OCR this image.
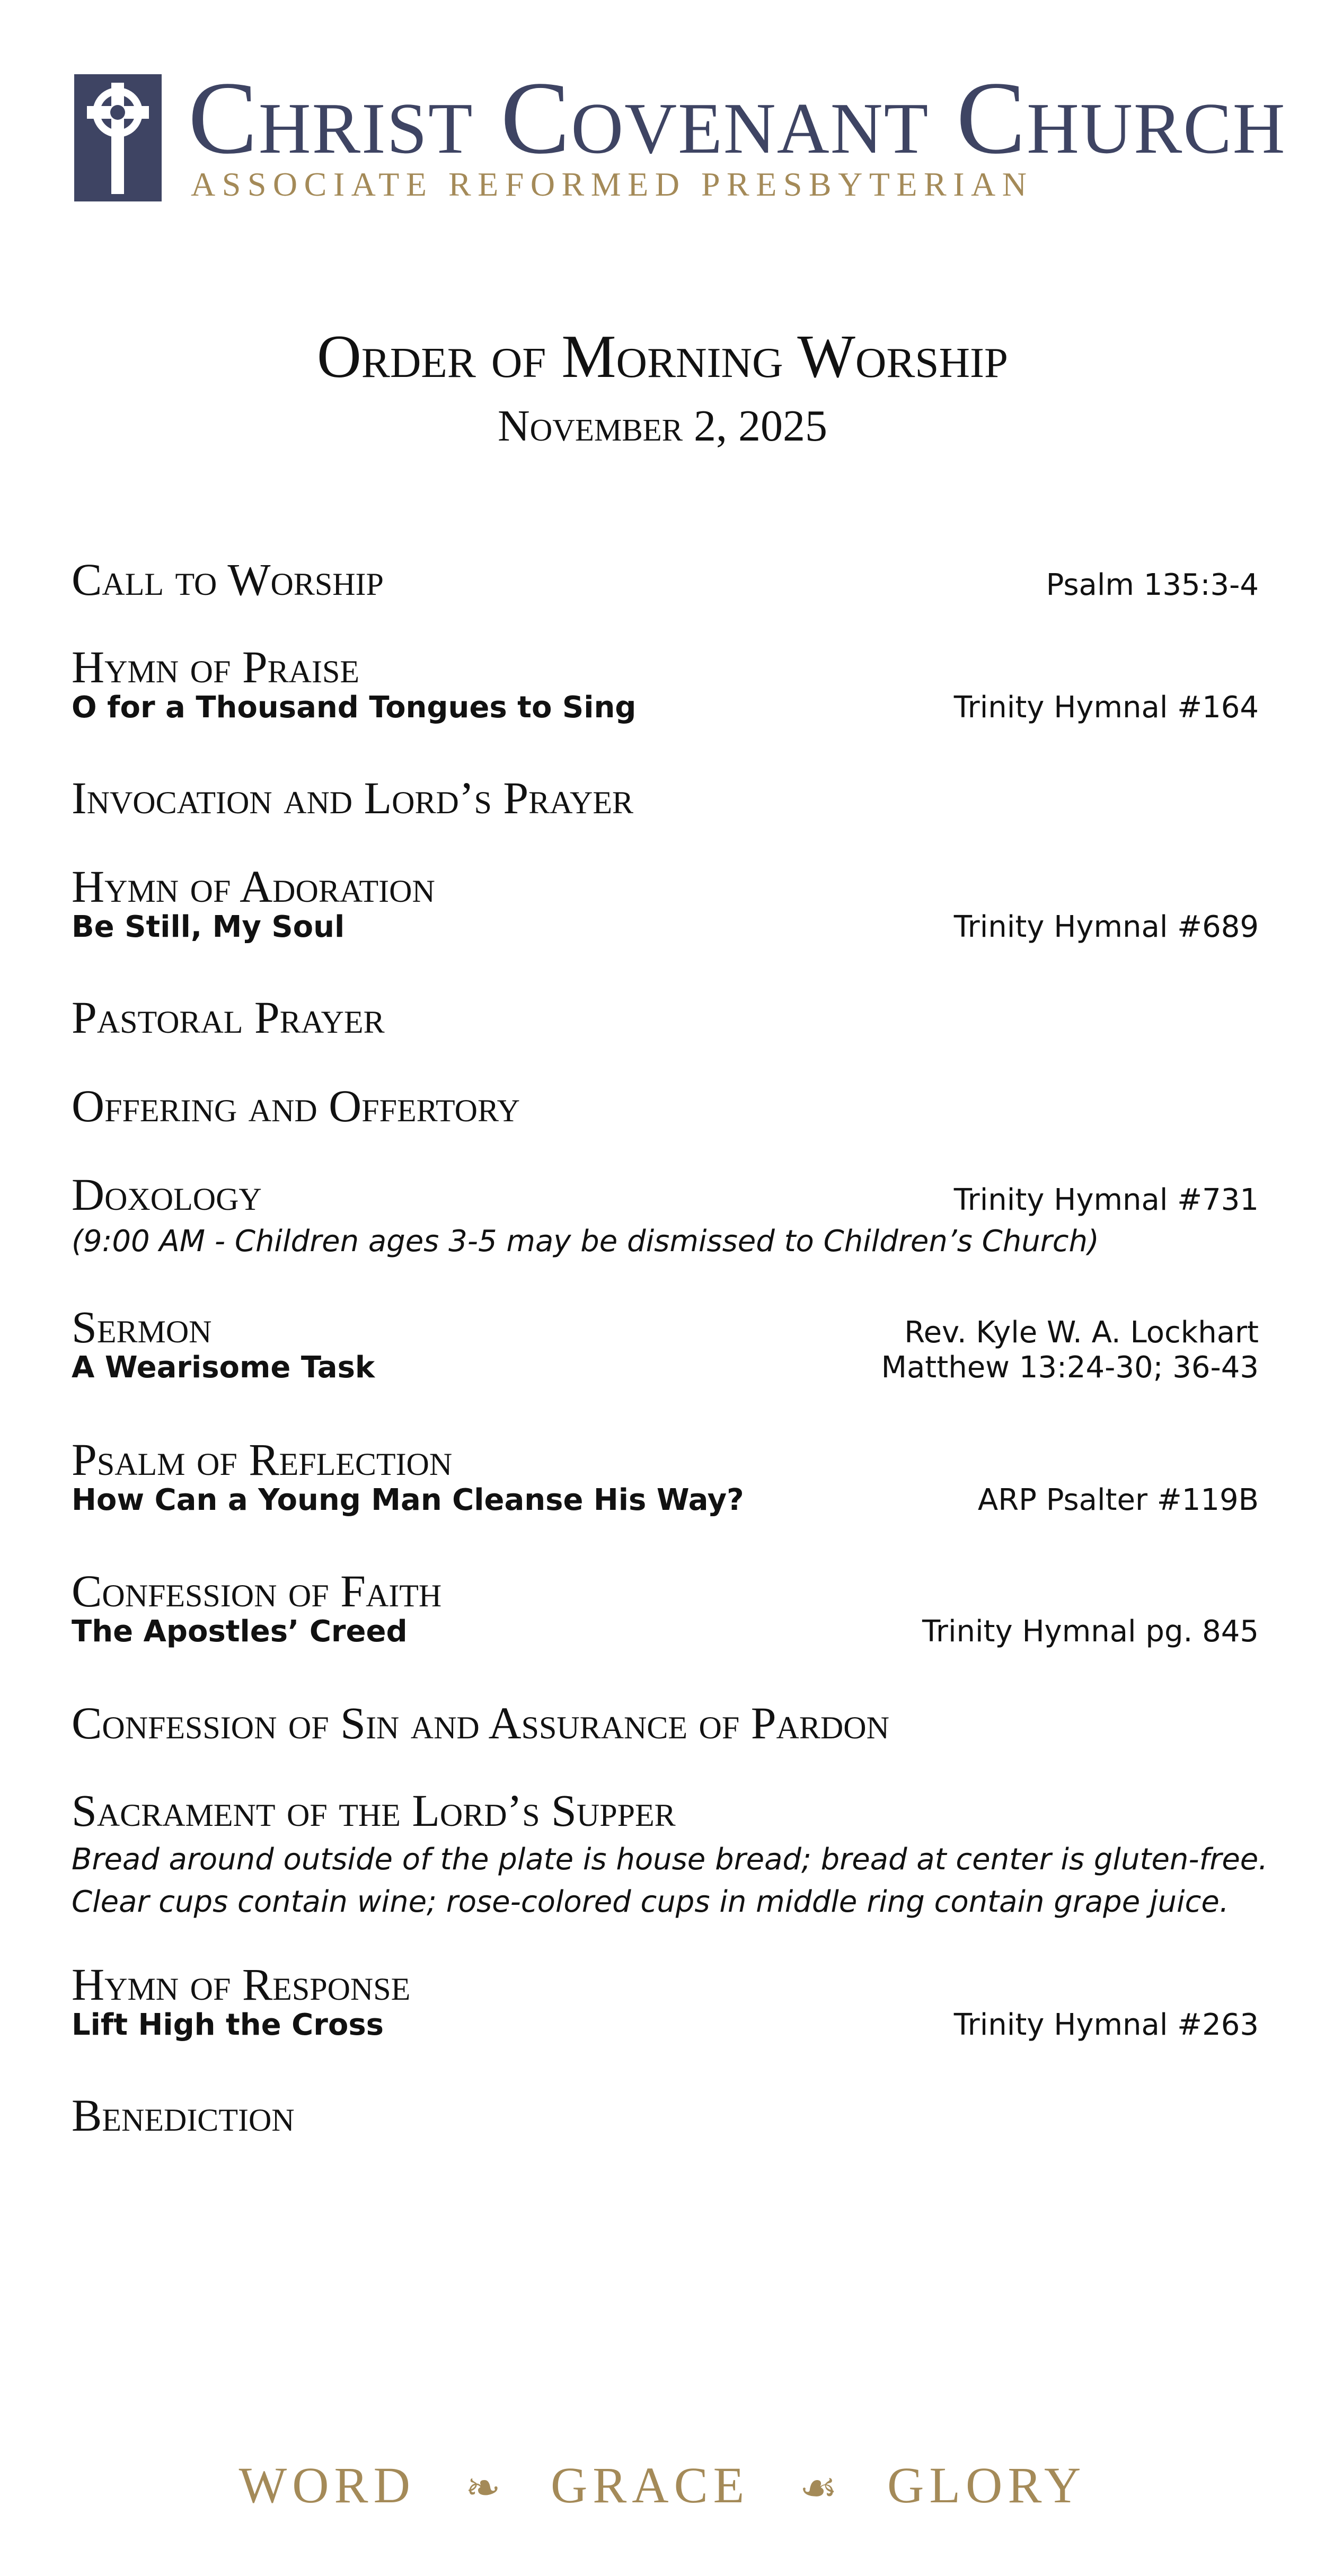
Christ Covenant Church
ASSOCIATE REFORMED PRESBYTERIAN
Order of Morning Worship
November 2, 2025
Call to Worship	Psalm 135:3-4
Hymn of Praise
O for a Thousand Tongues to Sing	Trinity Hymnal #164
Invocation and Lord’s Prayer
Hymn of Adoration
Be Still, My Soul	Trinity Hymnal #689
Pastoral Prayer
Offering and Offertory
Doxology	Trinity Hymnal #731
(9:00 AM - Children ages 3-5 may be dismissed to Children’s Church)
Sermon	Rev. Kyle W. A. Lockhart
A Wearisome Task	Matthew 13:24-30; 36-43
Psalm of Reflection
How Can a Young Man Cleanse His Way?	ARP Psalter #119B
Confession of Faith
The Apostles’ Creed	Trinity Hymnal pg. 845
Confession of Sin and Assurance of Pardon
Sacrament of the Lord’s Supper
Bread around outside of the plate is house bread; bread at center is gluten-free.
Clear cups contain wine; rose-colored cups in middle ring contain grape juice.
Hymn of Response
Lift High the Cross	Trinity Hymnal #263
Benediction
WORD ❧ GRACE ☙ GLORY
